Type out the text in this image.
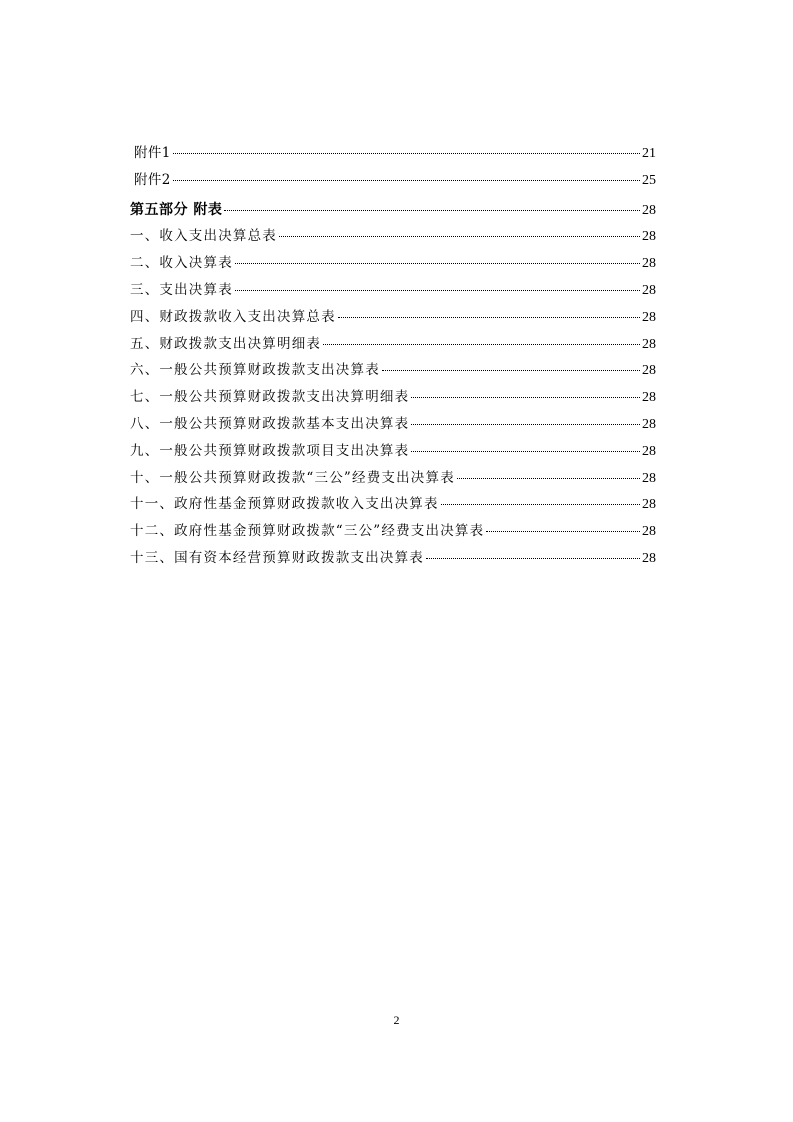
附件1	21
附件2	25
第五部分 附表	28
一、收入支出决算总表	28
二、收入决算表	28
三、支出决算表	28
四、财政拨款收入支出决算总表	28
五、财政拨款支出决算明细表	28
六、一般公共预算财政拨款支出决算表	28
七、一般公共预算财政拨款支出决算明细表	28
八、一般公共预算财政拨款基本支出决算表	28
九、一般公共预算财政拨款项目支出决算表	28
十、一般公共预算财政拨款“三公”经费支出决算表	28
十一、政府性基金预算财政拨款收入支出决算表	28
十二、政府性基金预算财政拨款“三公”经费支出决算表	28
十三、国有资本经营预算财政拨款支出决算表	28
2
